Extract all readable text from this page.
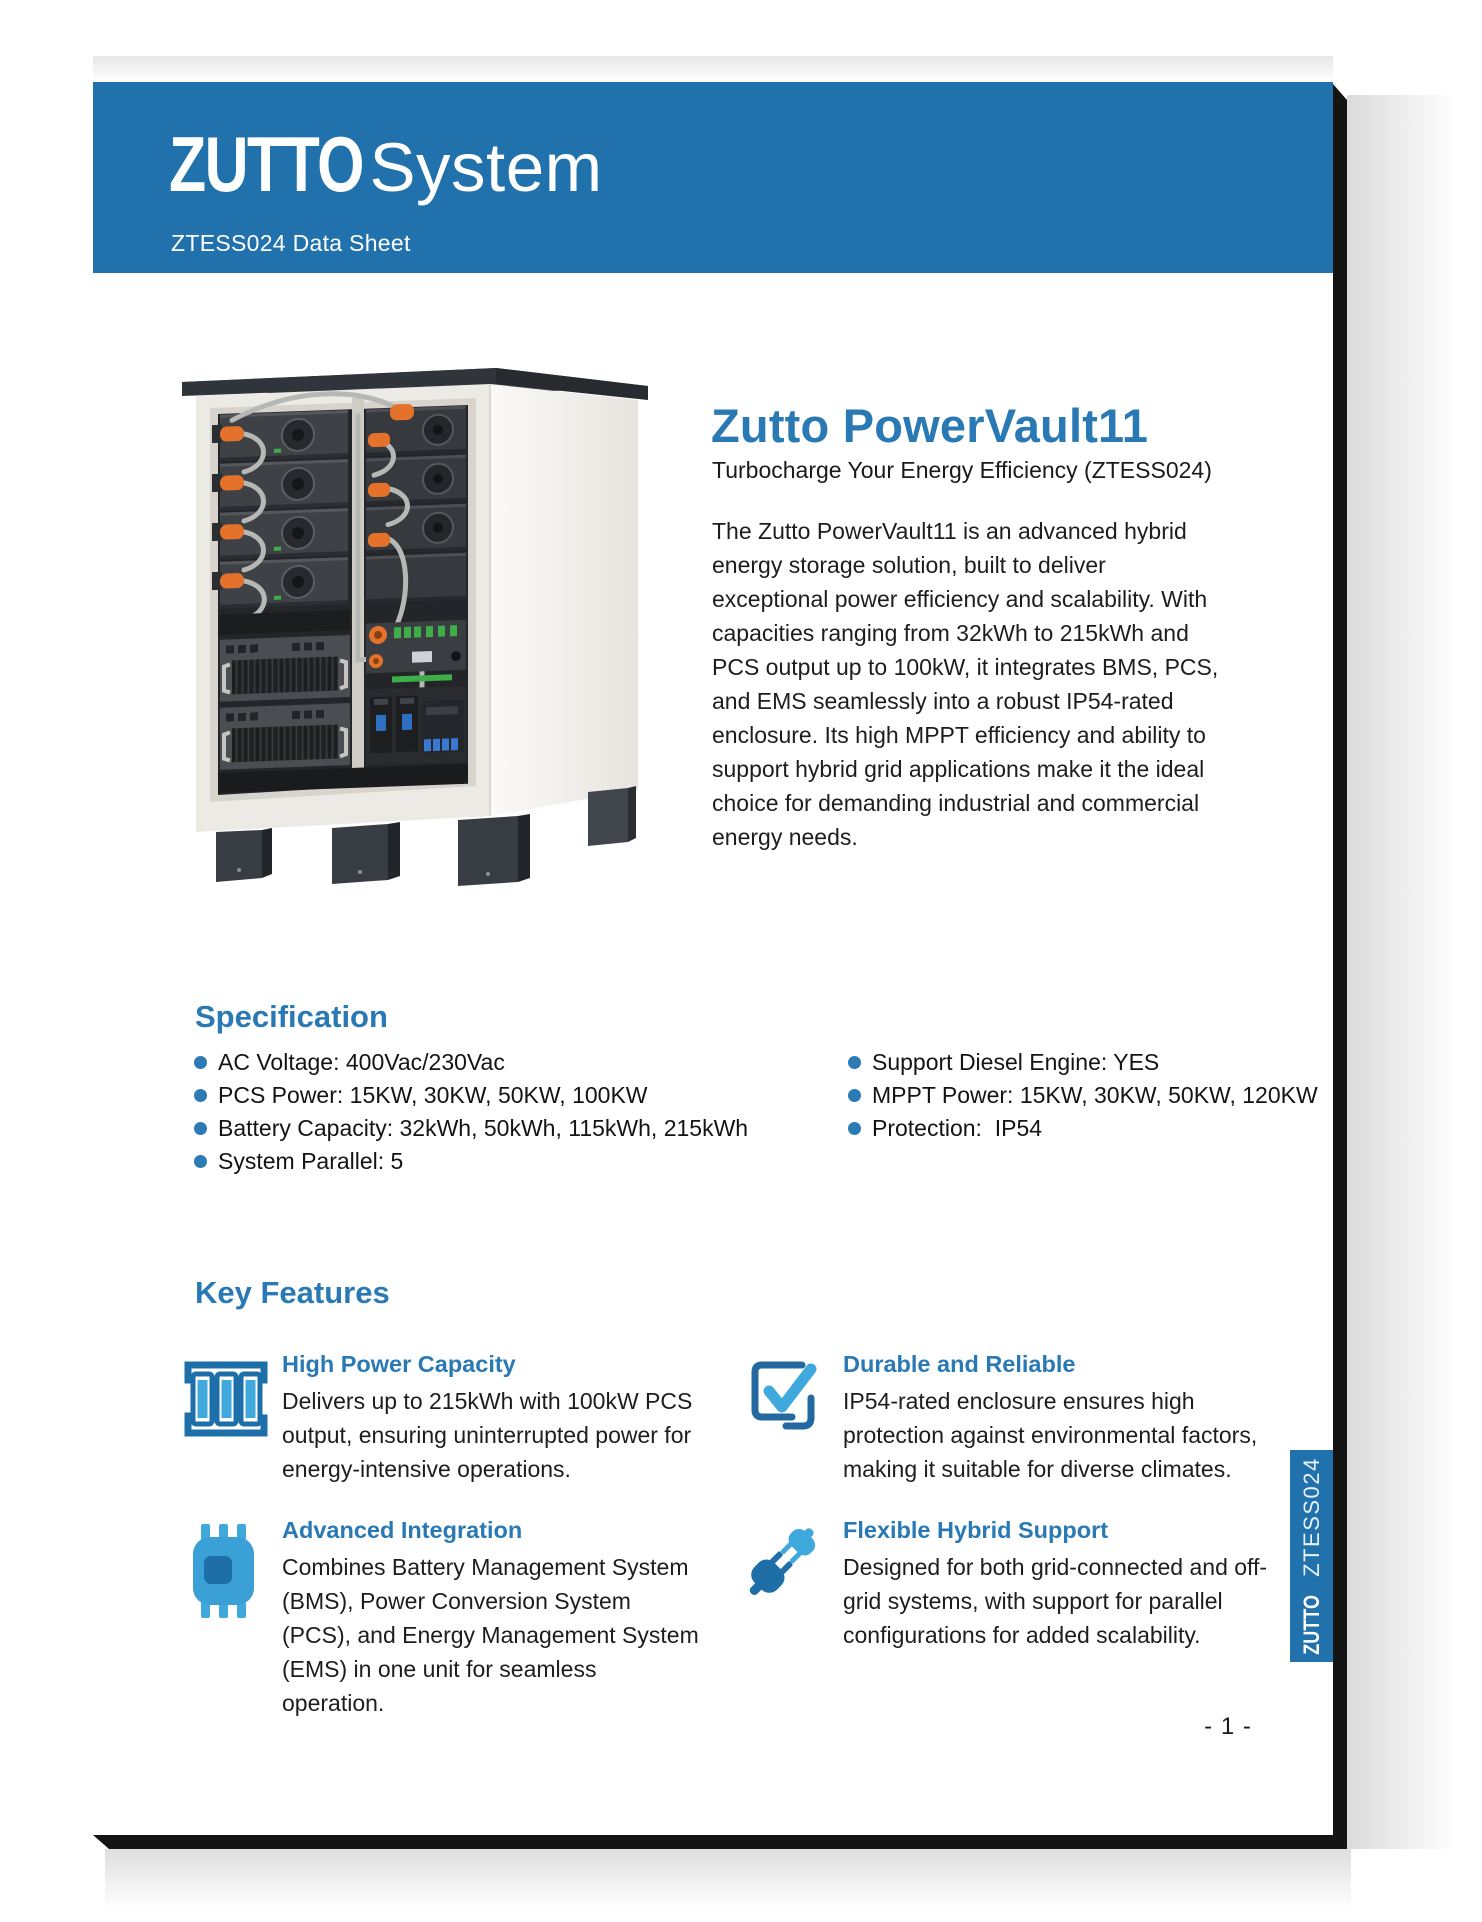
ZUTTO System
ZTESS024 Data Sheet
Zutto PowerVault11
Turbocharge Your Energy Efficiency (ZTESS024)
The Zutto PowerVault11 is an advanced hybrid energy storage solution, built to deliver exceptional power efficiency and scalability. With capacities ranging from 32kWh to 215kWh and PCS output up to 100kW, it integrates BMS, PCS, and EMS seamlessly into a robust IP54-rated enclosure. Its high MPPT efficiency and ability to support hybrid grid applications make it the ideal choice for demanding industrial and commercial energy needs.
Specification
AC Voltage: 400Vac/230Vac
PCS Power: 15KW, 30KW, 50KW, 100KW
Battery Capacity: 32kWh, 50kWh, 115kWh, 215kWh
System Parallel: 5
Support Diesel Engine: YES
MPPT Power: 15KW, 30KW, 50KW, 120KW
Protection:  IP54
Key Features
High Power Capacity
Delivers up to 215kWh with 100kW PCS output, ensuring uninterrupted power for energy-intensive operations.
Durable and Reliable
IP54-rated enclosure ensures high protection against environmental factors, making it suitable for diverse climates.
Advanced Integration
Combines Battery Management System (BMS), Power Conversion System (PCS), and Energy Management System (EMS) in one unit for seamless operation.
Flexible Hybrid Support
Designed for both grid-connected and off-grid systems, with support for parallel configurations for added scalability.	ZUTTO
ZTESS024
- 1 -
